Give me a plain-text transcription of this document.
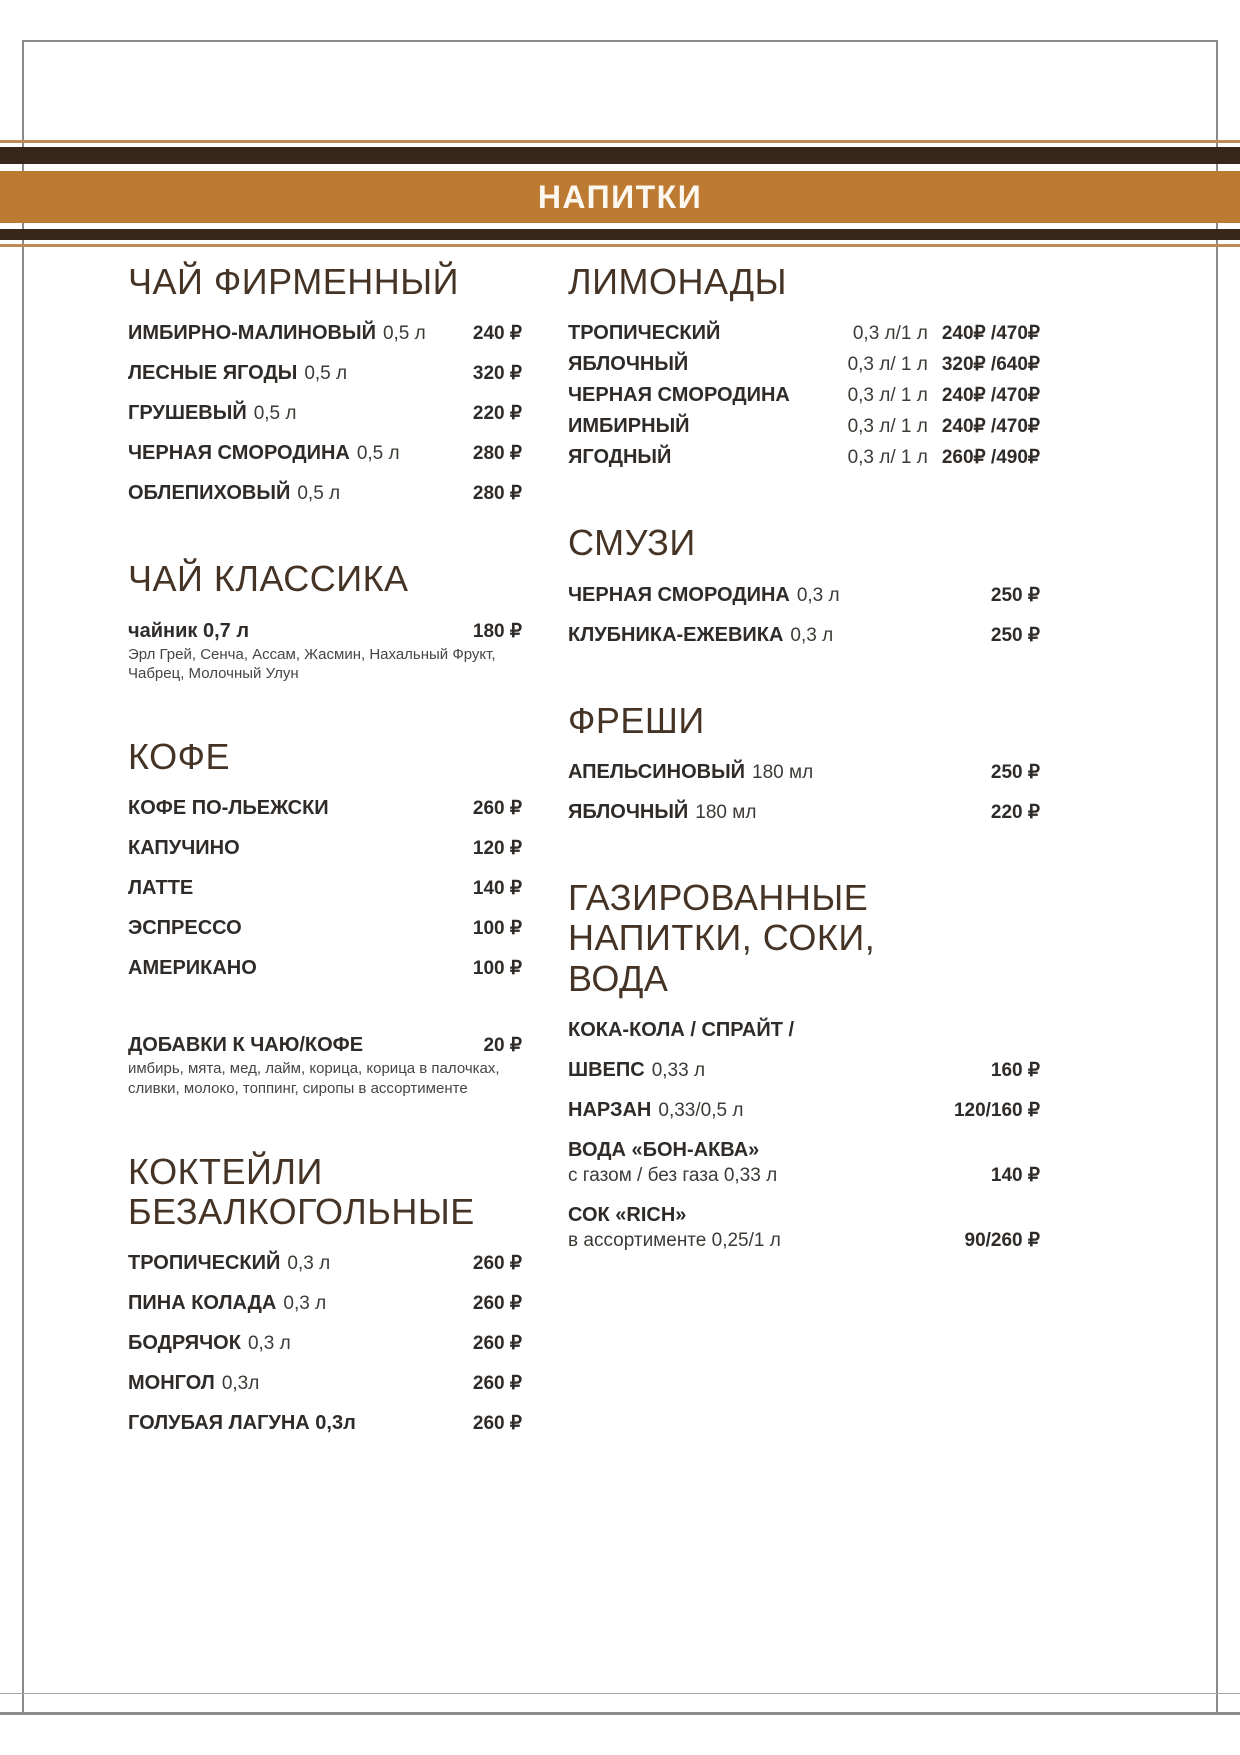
НАПИТКИ
ЧАЙ ФИРМЕННЫЙ
ИМБИРНО-МАЛИНОВЫЙ 0,5 л 240 ₽
ЛЕСНЫЕ ЯГОДЫ 0,5 л	320 ₽
ГРУШЕВЫЙ 0,5 л	220 ₽
ЧЕРНАЯ СМОРОДИНА 0,5 л	280 ₽
ОБЛЕПИХОВЫЙ 0,5 л	280 ₽
ЧАЙ КЛАССИКА
чайник 0,7 л	180 ₽
Эрл Грей, Сенча, Ассам, Жасмин, Нахальный Фрукт, Чабрец, Молочный Улун
КОФЕ
КОФЕ ПО-ЛЬЕЖСКИ	260 ₽
КАПУЧИНО	120 ₽
ЛАТТЕ	140 ₽
ЭСПРЕССО	100 ₽
АМЕРИКАНО	100 ₽
ДОБАВКИ К ЧАЮ/КОФЕ	20 ₽
имбирь, мята, мед, лайм, корица, корица в палочках, сливки, молоко, топпинг, сиропы в ассортименте
КОКТЕЙЛИ БЕЗАЛКОГОЛЬНЫЕ
ТРОПИЧЕСКИЙ 0,3 л	260 ₽
ПИНА КОЛАДА 0,3 л	260 ₽
БОДРЯЧОК 0,3 л	260 ₽
МОНГОЛ 0,3л	260 ₽
ГОЛУБАЯ ЛАГУНА 0,3л	260 ₽
ЛИМОНАДЫ
ТРОПИЧЕСКИЙ	0,3 л/1 л 240₽ /470₽
ЯБЛОЧНЫЙ	0,3 л/ 1 л 320₽ /640₽
ЧЕРНАЯ СМОРОДИНА	0,3 л/ 1 л 240₽ /470₽
ИМБИРНЫЙ	0,3 л/ 1 л 240₽ /470₽
ЯГОДНЫЙ	0,3 л/ 1 л 260₽ /490₽
СМУЗИ
ЧЕРНАЯ СМОРОДИНА 0,3 л	250 ₽
КЛУБНИКА-ЕЖЕВИКА 0,3 л	250 ₽
ФРЕШИ
АПЕЛЬСИНОВЫЙ 180 мл	250 ₽
ЯБЛОЧНЫЙ 180 мл	220 ₽
ГАЗИРОВАННЫЕ НАПИТКИ, СОКИ, ВОДА
КОКА-КОЛА / СПРАЙТ /
ШВЕПС 0,33 л	160 ₽
НАРЗАН 0,33/0,5 л	120/160 ₽
ВОДА «БОН-АКВА»
с газом / без газа 0,33 л	140 ₽
СОК «RICH»
в ассортименте 0,25/1 л	90/260 ₽
